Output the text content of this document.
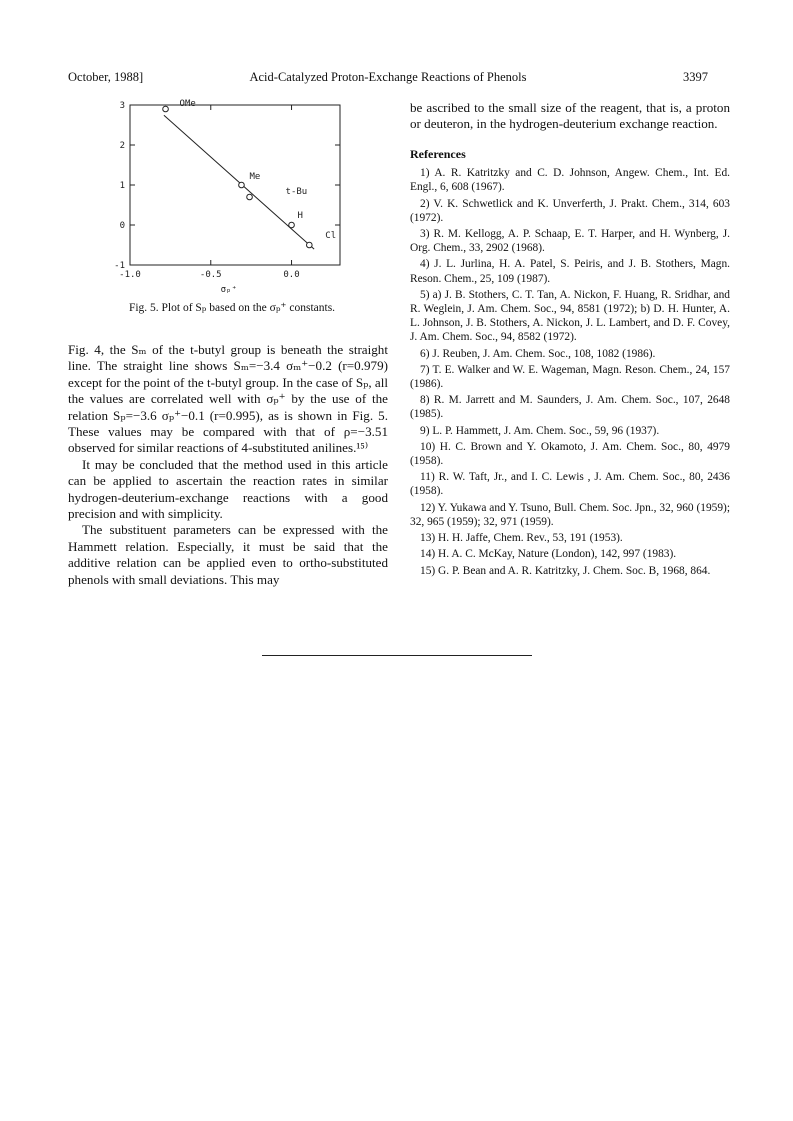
October, 1988]	Acid-Catalyzed Proton-Exchange Reactions of Phenols	3397
3
2
1
0
-1
-1.0	-0.5	0.0
σₚ⁺
OMe
Me
t-Bu
H
Cl
Fig. 5. Plot of Sₚ based on the σₚ⁺ constants.

Fig. 4, the Sₘ of the t-butyl group is beneath the straight line. The straight line shows Sₘ=−3.4 σₘ⁺−0.2 (r=0.979) except for the point of the t-butyl group. In the case of Sₚ, all the values are correlated well with σₚ⁺ by the use of the relation Sₚ=−3.6 σₚ⁺−0.1 (r=0.995), as is shown in Fig. 5. These values may be compared with that of ρ=−3.51 observed for similar reactions of 4-substituted anilines.¹⁵⁾

It may be concluded that the method used in this article can be applied to ascertain the reaction rates in similar hydrogen-deuterium-exchange reactions with a good precision and with simplicity.

The substituent parameters can be expressed with the Hammett relation. Especially, it must be said that the additive relation can be applied even to ortho-substituted phenols with small deviations. This may

be ascribed to the small size of the reagent, that is, a proton or deuteron, in the hydrogen-deuterium exchange reaction.

References
1) A. R. Katritzky and C. D. Johnson, Angew. Chem., Int. Ed. Engl., 6, 608 (1967).
2) V. K. Schwetlick and K. Unverferth, J. Prakt. Chem., 314, 603 (1972).
3) R. M. Kellogg, A. P. Schaap, E. T. Harper, and H. Wynberg, J. Org. Chem., 33, 2902 (1968).
4) J. L. Jurlina, H. A. Patel, S. Peiris, and J. B. Stothers, Magn. Reson. Chem., 25, 109 (1987).
5) a) J. B. Stothers, C. T. Tan, A. Nickon, F. Huang, R. Sridhar, and R. Weglein, J. Am. Chem. Soc., 94, 8581 (1972); b) D. H. Hunter, A. L. Johnson, J. B. Stothers, A. Nickon, J. L. Lambert, and D. F. Covey, J. Am. Chem. Soc., 94, 8582 (1972).
6) J. Reuben, J. Am. Chem. Soc., 108, 1082 (1986).
7) T. E. Walker and W. E. Wageman, Magn. Reson. Chem., 24, 157 (1986).
8) R. M. Jarrett and M. Saunders, J. Am. Chem. Soc., 107, 2648 (1985).
9) L. P. Hammett, J. Am. Chem. Soc., 59, 96 (1937).
10) H. C. Brown and Y. Okamoto, J. Am. Chem. Soc., 80, 4979 (1958).
11) R. W. Taft, Jr., and I. C. Lewis , J. Am. Chem. Soc., 80, 2436 (1958).
12) Y. Yukawa and Y. Tsuno, Bull. Chem. Soc. Jpn., 32, 960 (1959); 32, 965 (1959); 32, 971 (1959).
13) H. H. Jaffe, Chem. Rev., 53, 191 (1953).
14) H. A. C. McKay, Nature (London), 142, 997 (1983).
15) G. P. Bean and A. R. Katritzky, J. Chem. Soc. B, 1968, 864.
